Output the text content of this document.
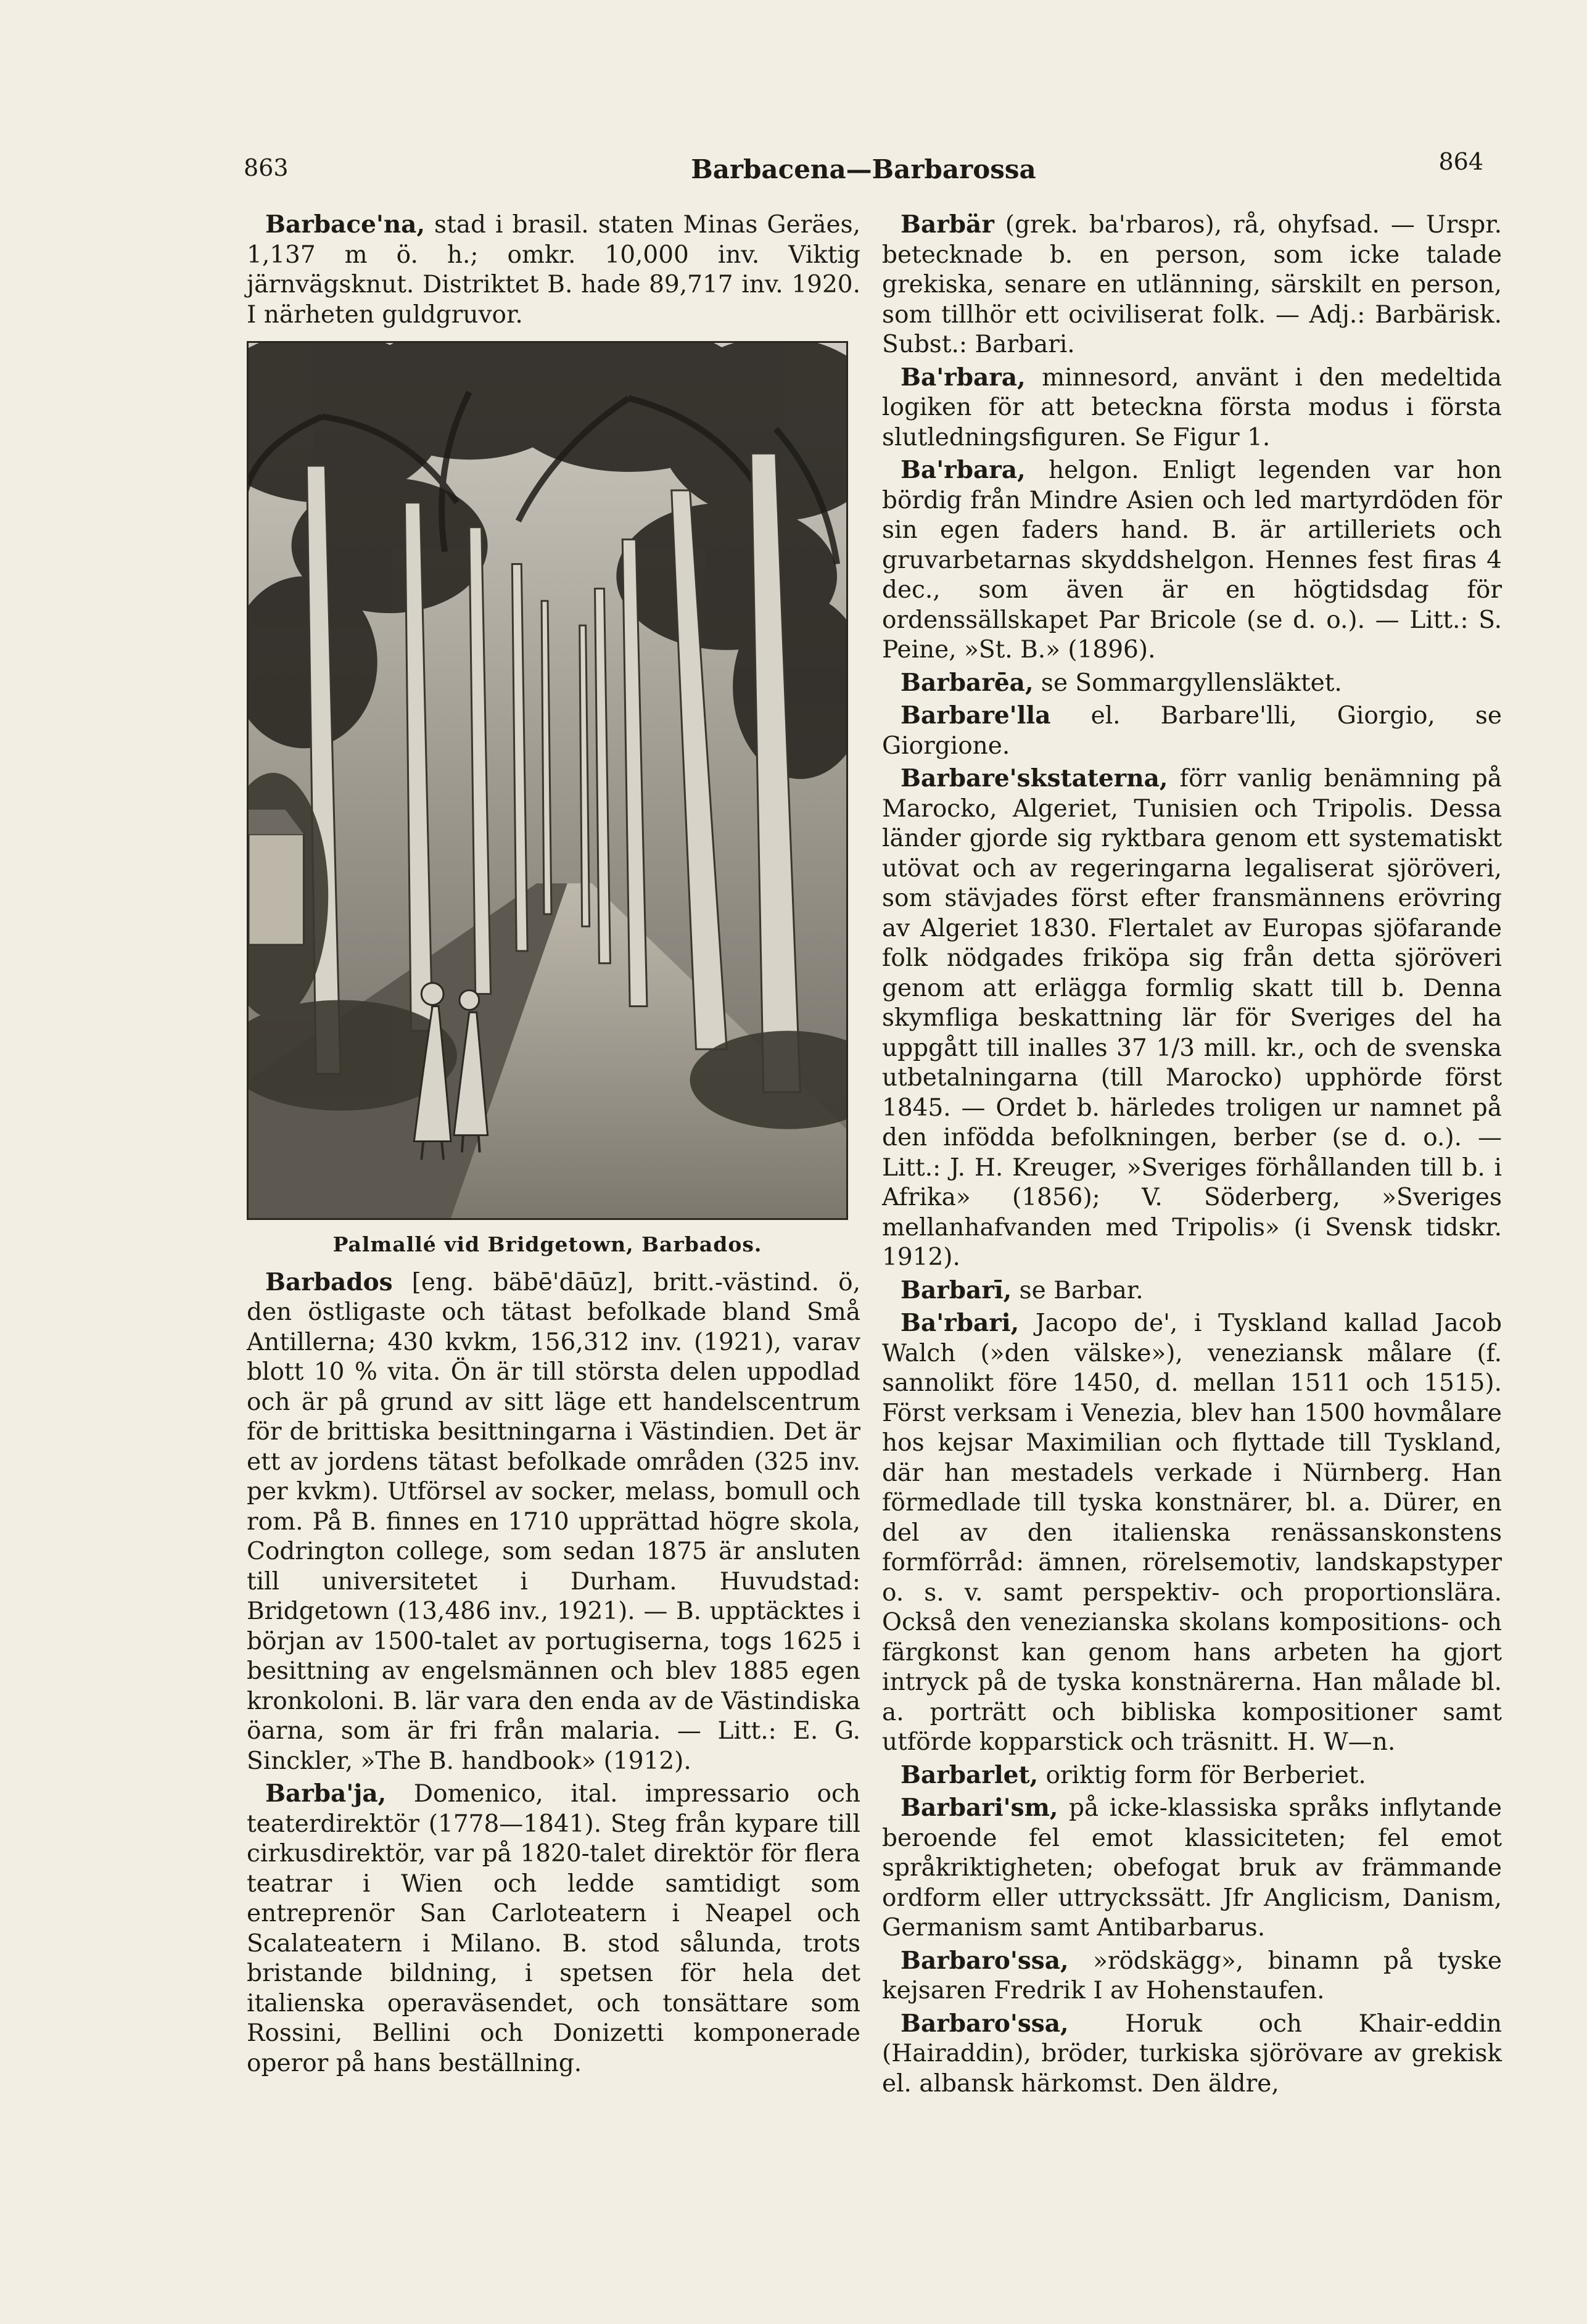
863	Barbacena—Barbarossa	864

Barbace'na, stad i brasil. staten Minas Geräes, 1,137 m ö. h.; omkr. 10,000 inv. Viktig järnvägsknut. Distriktet B. hade 89,717 inv. 1920. I närheten guldgruvor.

Palmallé vid Bridgetown, Barbados.

Barbados [eng. bäbē'dāūz], britt.-västind. ö, den östligaste och tätast befolkade bland Små Antillerna; 430 kvkm, 156,312 inv. (1921), varav blott 10 % vita. Ön är till största delen uppodlad och är på grund av sitt läge ett handelscentrum för de brittiska besittningarna i Västindien. Det är ett av jordens tätast befolkade områden (325 inv. per kvkm). Utförsel av socker, melass, bomull och rom. På B. finnes en 1710 upprättad högre skola, Codrington college, som sedan 1875 är ansluten till universitetet i Durham. Huvudstad: Bridgetown (13,486 inv., 1921). — B. upptäcktes i början av 1500-talet av portugiserna, togs 1625 i besittning av engelsmännen och blev 1885 egen kronkoloni. B. lär vara den enda av de Västindiska öarna, som är fri från malaria. — Litt.: E. G. Sinckler, »The B. handbook» (1912).

Barba'ja, Domenico, ital. impressario och teaterdirektör (1778—1841). Steg från kypare till cirkusdirektör, var på 1820-talet direktör för flera teatrar i Wien och ledde samtidigt som entreprenör San Carloteatern i Neapel och Scalateatern i Milano. B. stod sålunda, trots bristande bildning, i spetsen för hela det italienska operaväsendet, och tonsättare som Rossini, Bellini och Donizetti komponerade operor på hans beställning.

Barbär (grek. ba'rbaros), rå, ohyfsad. — Urspr. betecknade b. en person, som icke talade grekiska, senare en utlänning, särskilt en person, som tillhör ett ociviliserat folk. — Adj.: Barbärisk. Subst.: Barbari.

Ba'rbara, minnesord, använt i den medeltida logiken för att beteckna första modus i första slutledningsfiguren. Se Figur 1.

Ba'rbara, helgon. Enligt legenden var hon bördig från Mindre Asien och led martyrdöden för sin egen faders hand. B. är artilleriets och gruvarbetarnas skyddshelgon. Hennes fest firas 4 dec., som även är en högtidsdag för ordenssällskapet Par Bricole (se d. o.). — Litt.: S. Peine, »St. B.» (1896).

Barbarēa, se Sommargyllensläktet.

Barbare'lla el. Barbare'lli, Giorgio, se Giorgione.

Barbare'skstaterna, förr vanlig benämning på Marocko, Algeriet, Tunisien och Tripolis. Dessa länder gjorde sig ryktbara genom ett systematiskt utövat och av regeringarna legaliserat sjöröveri, som stävjades först efter fransmännens erövring av Algeriet 1830. Flertalet av Europas sjöfarande folk nödgades friköpa sig från detta sjöröveri genom att erlägga formlig skatt till b. Denna skymfliga beskattning lär för Sveriges del ha uppgått till inalles 37 1/3 mill. kr., och de svenska utbetalningarna (till Marocko) upphörde först 1845. — Ordet b. härledes troligen ur namnet på den infödda befolkningen, berber (se d. o.). — Litt.: J. H. Kreuger, »Sveriges förhållanden till b. i Afrika» (1856); V. Söderberg, »Sveriges mellanhafvanden med Tripolis» (i Svensk tidskr. 1912).

Barbarī, se Barbar.

Ba'rbari, Jacopo de', i Tyskland kallad Jacob Walch (»den välske»), veneziansk målare (f. sannolikt före 1450, d. mellan 1511 och 1515). Först verksam i Venezia, blev han 1500 hovmålare hos kejsar Maximilian och flyttade till Tyskland, där han mestadels verkade i Nürnberg. Han förmedlade till tyska konstnärer, bl. a. Dürer, en del av den italienska renässanskonstens formförråd: ämnen, rörelsemotiv, landskapstyper o. s. v. samt perspektiv- och proportionslära. Också den venezianska skolans kompositions- och färgkonst kan genom hans arbeten ha gjort intryck på de tyska konstnärerna. Han målade bl. a. porträtt och bibliska kompositioner samt utförde kopparstick och träsnitt. H. W—n.

Barbarlet, oriktig form för Berberiet.

Barbari'sm, på icke-klassiska språks inflytande beroende fel emot klassiciteten; fel emot språkriktigheten; obefogat bruk av främmande ordform eller uttryckssätt. Jfr Anglicism, Danism, Germanism samt Antibarbarus.

Barbaro'ssa, »rödskägg», binamn på tyske kejsaren Fredrik I av Hohenstaufen.

Barbaro'ssa, Horuk och Khair-eddin (Hairaddin), bröder, turkiska sjörövare av grekisk el. albansk härkomst. Den äldre,
